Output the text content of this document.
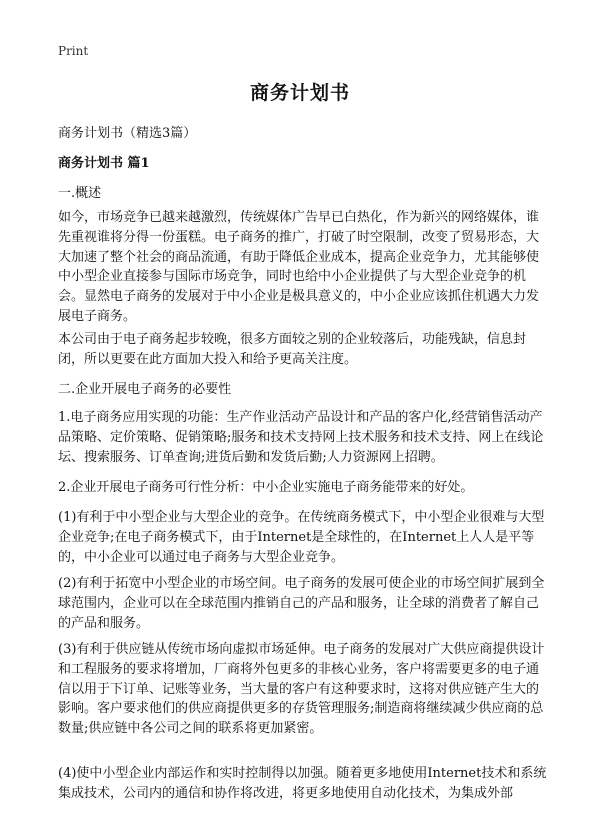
Print
商务计划书
商务计划书（精选3篇）
商务计划书 篇1
一.概述

如今，市场竞争已越来越激烈，传统媒体广告早已白热化，作为新兴的网络媒体，谁先重视谁将分得一份蛋糕。电子商务的推广，打破了时空限制，改变了贸易形态，大大加速了整个社会的商品流通，有助于降低企业成本，提高企业竞争力，尤其能够使中小型企业直接参与国际市场竞争，同时也给中小企业提供了与大型企业竞争的机会。显然电子商务的发展对于中小企业是极具意义的，中小企业应该抓住机遇大力发展电子商务。

本公司由于电子商务起步较晚，很多方面较之别的企业较落后，功能残缺，信息封闭，所以更要在此方面加大投入和给予更高关注度。

二.企业开展电子商务的必要性

1.电子商务应用实现的功能：生产作业活动产品设计和产品的客户化,经营销售活动产品策略、定价策略、促销策略;服务和技术支持网上技术服务和技术支持、网上在线论坛、搜索服务、订单查询;进货后勤和发货后勤;人力资源网上招聘。

2.企业开展电子商务可行性分析：中小企业实施电子商务能带来的好处。

(1)有利于中小型企业与大型企业的竞争。在传统商务模式下，中小型企业很难与大型企业竞争;在电子商务模式下，由于Internet是全球性的，在Internet上人人是平等的，中小企业可以通过电子商务与大型企业竞争。

(2)有利于拓宽中小型企业的市场空间。电子商务的发展可使企业的市场空间扩展到全球范围内，企业可以在全球范围内推销自己的产品和服务，让全球的消费者了解自己的产品和服务。

(3)有利于供应链从传统市场向虚拟市场延伸。电子商务的发展对广大供应商提供设计和工程服务的要求将增加，厂商将外包更多的非核心业务，客户将需要更多的电子通信以用于下订单、记账等业务，当大量的客户有这种要求时，这将对供应链产生大的影响。客户要求他们的供应商提供更多的存货管理服务;制造商将继续减少供应商的总数量;供应链中各公司之间的联系将更加紧密。

(4)使中小型企业内部运作和实时控制得以加强。随着更多地使用Internet技术和系统集成技术，公司内的通信和协作将改进，将更多地使用自动化技术，为集成外部
